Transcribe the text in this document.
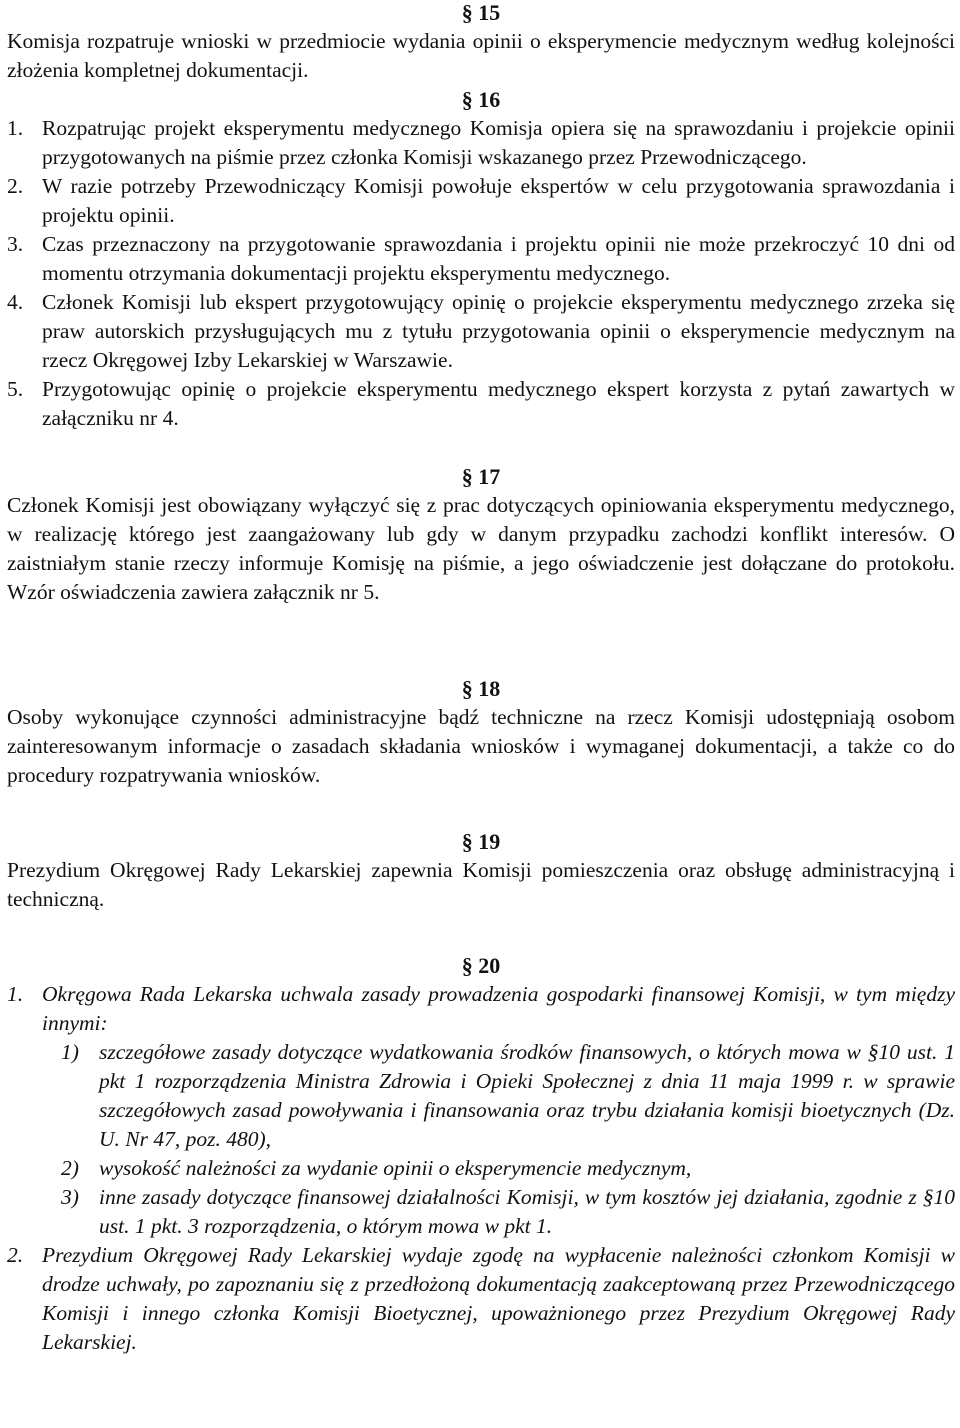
§ 15

Komisja rozpatruje wnioski w przedmiocie wydania opinii o eksperymencie medycznym według kolejności złożenia kompletnej dokumentacji.

§ 16
1. Rozpatrując projekt eksperymentu medycznego Komisja opiera się na sprawozdaniu i projekcie opinii przygotowanych na piśmie przez członka Komisji wskazanego przez Przewodniczącego.
2. W razie potrzeby Przewodniczący Komisji powołuje ekspertów w celu przygotowania sprawozdania i projektu opinii.
3. Czas przeznaczony na przygotowanie sprawozdania i projektu opinii nie może przekroczyć 10 dni od momentu otrzymania dokumentacji projektu eksperymentu medycznego.
4. Członek Komisji lub ekspert przygotowujący opinię o projekcie eksperymentu medycznego zrzeka się praw autorskich przysługujących mu z tytułu przygotowania opinii o eksperymencie medycznym na rzecz Okręgowej Izby Lekarskiej w Warszawie.
5. Przygotowując opinię o projekcie eksperymentu medycznego ekspert korzysta z pytań zawartych w załączniku nr 4.
§ 17

Członek Komisji jest obowiązany wyłączyć się z prac dotyczących opiniowania eksperymentu medycznego, w realizację którego jest zaangażowany lub gdy w danym przypadku zachodzi konflikt interesów. O zaistniałym stanie rzeczy informuje Komisję na piśmie, a jego oświadczenie jest dołączane do protokołu. Wzór oświadczenia zawiera załącznik nr 5.

§ 18

Osoby wykonujące czynności administracyjne bądź techniczne na rzecz Komisji udostępniają osobom zainteresowanym informacje o zasadach składania wniosków i wymaganej dokumentacji, a także co do procedury rozpatrywania wniosków.

§ 19

Prezydium Okręgowej Rady Lekarskiej zapewnia Komisji pomieszczenia oraz obsługę administracyjną i techniczną.

§ 20
1. Okręgowa Rada Lekarska uchwala zasady prowadzenia gospodarki finansowej Komisji, w tym między innymi:
1) szczegółowe zasady dotyczące wydatkowania środków finansowych, o których mowa w §10 ust. 1 pkt 1 rozporządzenia Ministra Zdrowia i Opieki Społecznej z dnia 11 maja 1999 r. w sprawie szczegółowych zasad powoływania i finansowania oraz trybu działania komisji bioetycznych (Dz. U. Nr 47, poz. 480),
2) wysokość należności za wydanie opinii o eksperymencie medycznym,
3) inne zasady dotyczące finansowej działalności Komisji, w tym kosztów jej działania, zgodnie z §10 ust. 1 pkt. 3 rozporządzenia, o którym mowa w pkt 1.
2. Prezydium Okręgowej Rady Lekarskiej wydaje zgodę na wypłacenie należności członkom Komisji w drodze uchwały, po zapoznaniu się z przedłożoną dokumentacją zaakceptowaną przez Przewodniczącego Komisji i innego członka Komisji Bioetycznej, upoważnionego przez Prezydium Okręgowej Rady Lekarskiej.
